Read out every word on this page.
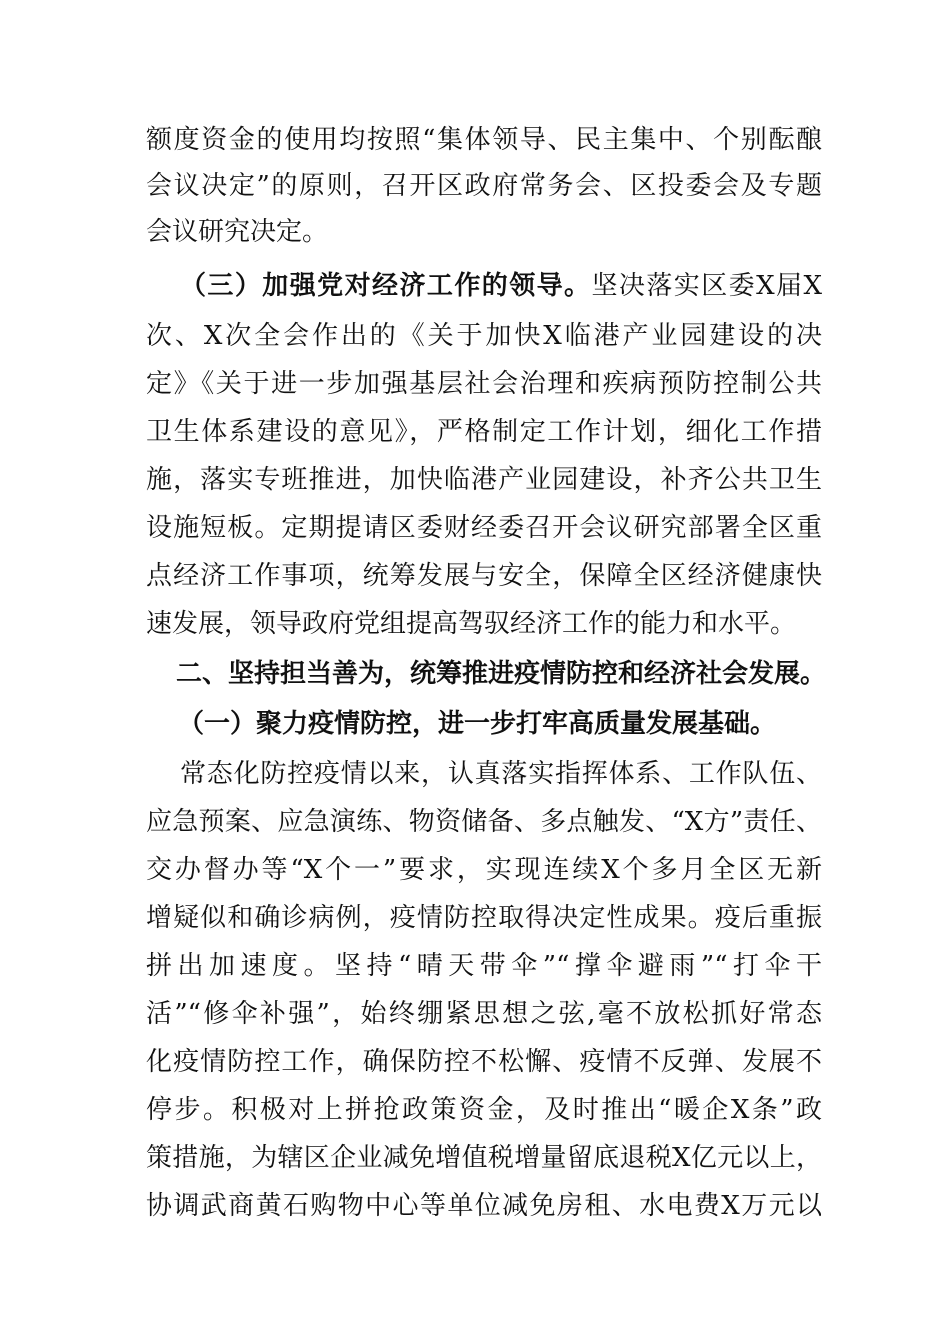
额度资金的使用均按照“集体领导、民主集中、个别酝酿
会议决定”的原则，召开区政府常务会、区投委会及专题
会议研究决定。
（三）加强党对经济工作的领导。坚决落实区委X届X
次、X次全会作出的《关于加快X临港产业园建设的决
定》《关于进一步加强基层社会治理和疾病预防控制公共
卫生体系建设的意见》，严格制定工作计划，细化工作措
施，落实专班推进，加快临港产业园建设，补齐公共卫生
设施短板。定期提请区委财经委召开会议研究部署全区重
点经济工作事项，统筹发展与安全，保障全区经济健康快
速发展，领导政府党组提高驾驭经济工作的能力和水平。
二、坚持担当善为，统筹推进疫情防控和经济社会发展。
（一）聚力疫情防控，进一步打牢高质量发展基础。
常态化防控疫情以来，认真落实指挥体系、工作队伍、
应急预案、应急演练、物资储备、多点触发、“X方”责任、
交办督办等“X个一”要求，实现连续X个多月全区无新
增疑似和确诊病例，疫情防控取得决定性成果。疫后重振
拼出加速度。坚持“晴天带伞”“撑伞避雨”“打伞干
活”“修伞补强”，始终绷紧思想之弦,毫不放松抓好常态
化疫情防控工作，确保防控不松懈、疫情不反弹、发展不
停步。积极对上拼抢政策资金，及时推出“暖企X条”政
策措施，为辖区企业减免增值税增量留底退税X亿元以上，
协调武商黄石购物中心等单位减免房租、水电费X万元以
